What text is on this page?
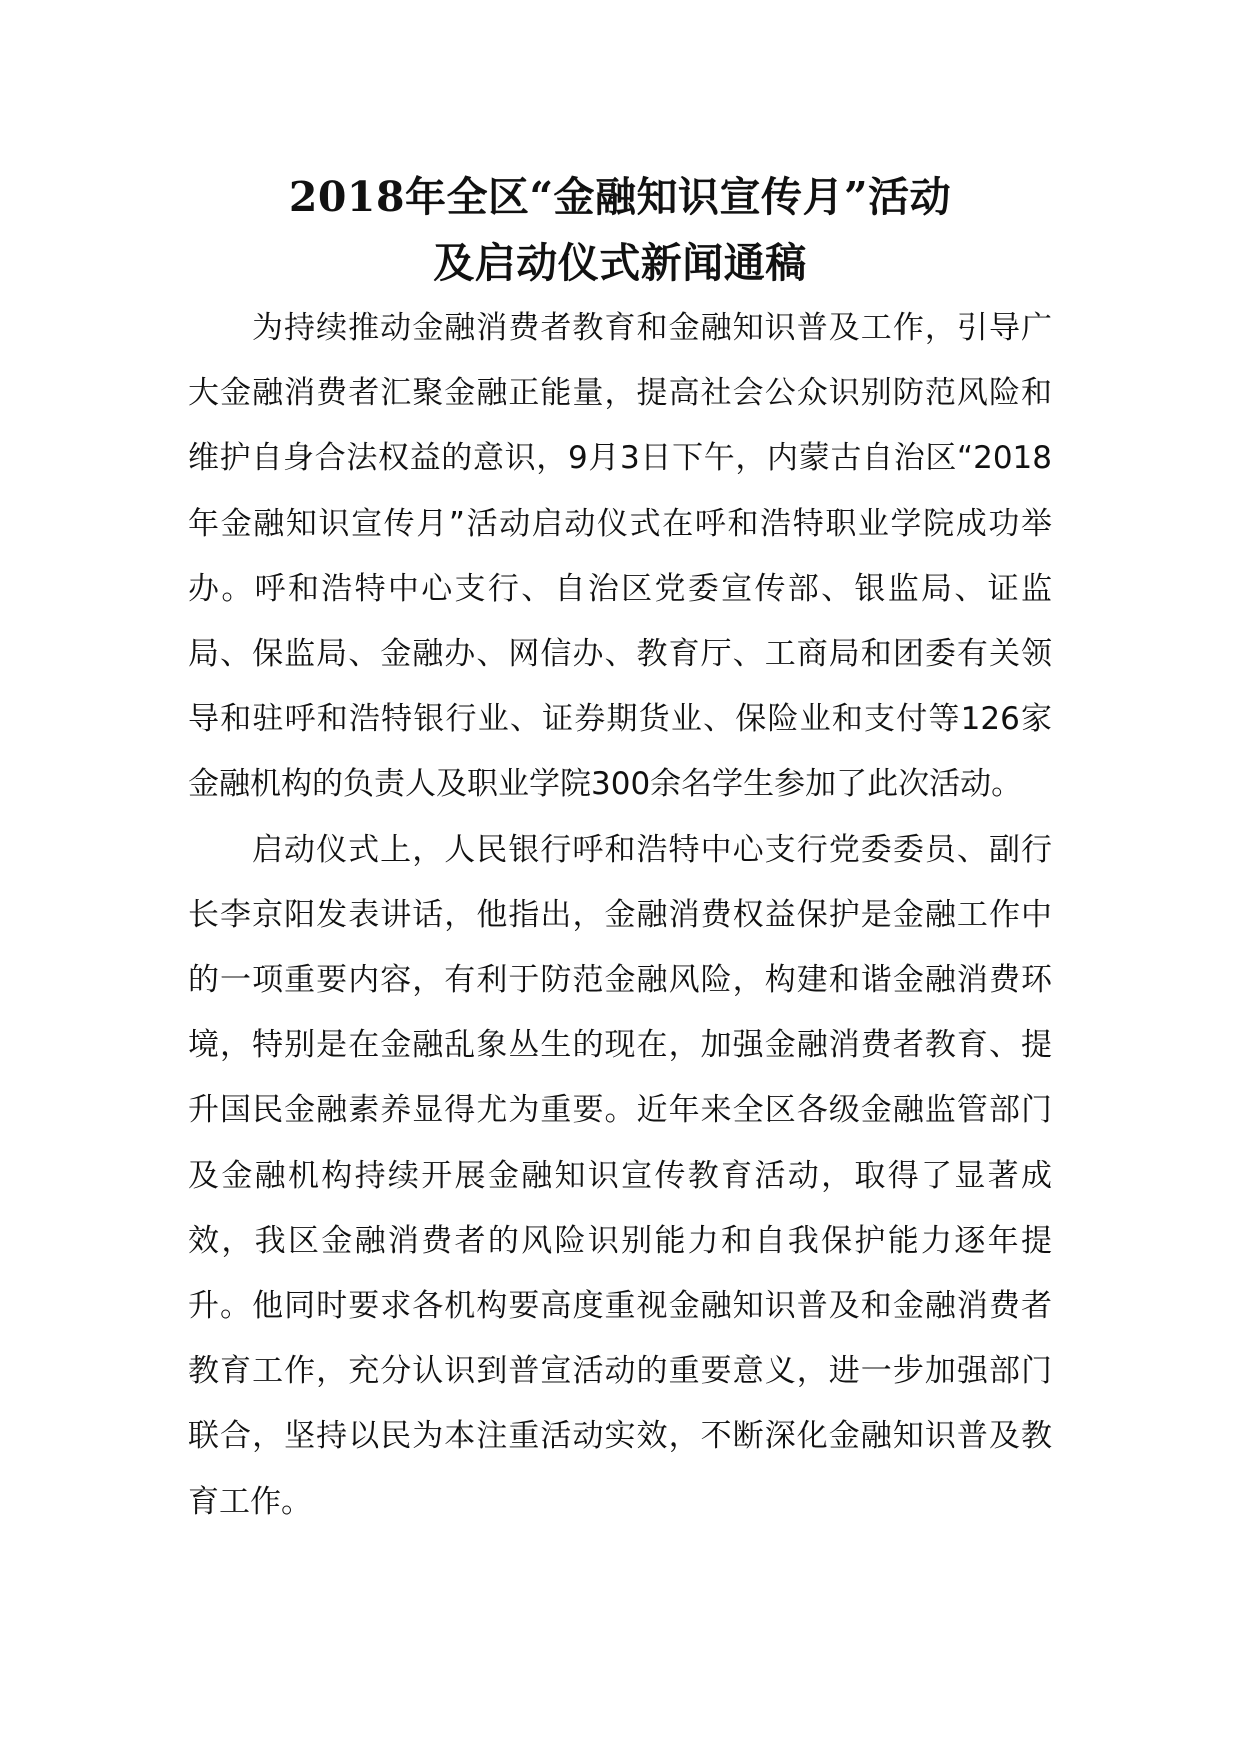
2018年全区“金融知识宣传月”活动
及启动仪式新闻通稿

为持续推动金融消费者教育和金融知识普及工作，引导广大金融消费者汇聚金融正能量，提高社会公众识别防范风险和维护自身合法权益的意识，9月3日下午，内蒙古自治区“2018年金融知识宣传月”活动启动仪式在呼和浩特职业学院成功举办。呼和浩特中心支行、自治区党委宣传部、银监局、证监局、保监局、金融办、网信办、教育厅、工商局和团委有关领导和驻呼和浩特银行业、证券期货业、保险业和支付等126家金融机构的负责人及职业学院300余名学生参加了此次活动。

启动仪式上，人民银行呼和浩特中心支行党委委员、副行长李京阳发表讲话，他指出，金融消费权益保护是金融工作中的一项重要内容，有利于防范金融风险，构建和谐金融消费环境，特别是在金融乱象丛生的现在，加强金融消费者教育、提升国民金融素养显得尤为重要。近年来全区各级金融监管部门及金融机构持续开展金融知识宣传教育活动，取得了显著成效，我区金融消费者的风险识别能力和自我保护能力逐年提升。他同时要求各机构要高度重视金融知识普及和金融消费者教育工作，充分认识到普宣活动的重要意义，进一步加强部门联合，坚持以民为本注重活动实效，不断深化金融知识普及教育工作。
